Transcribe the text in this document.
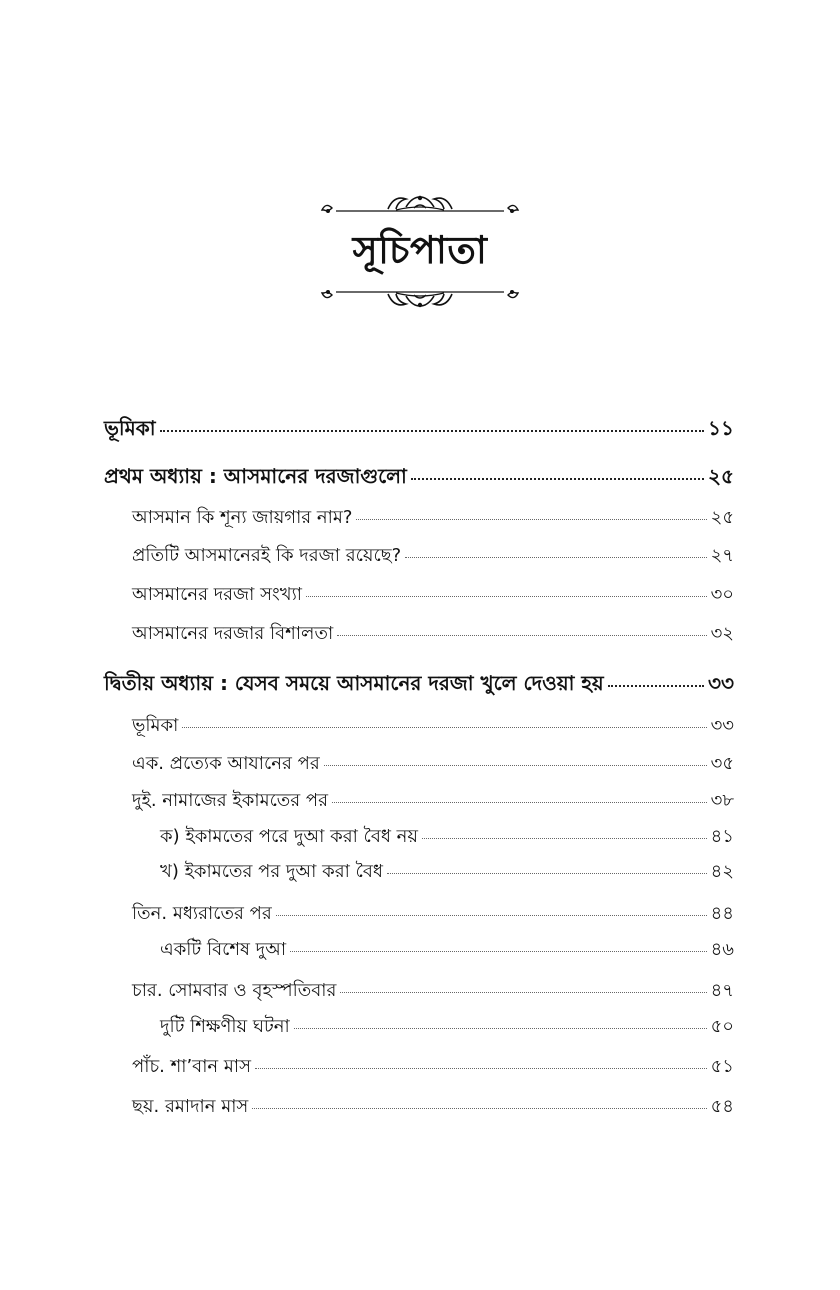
সূচিপাতা
ভূমিকা	১১
প্রথম অধ্যায় : আসমানের দরজাগুলো	২৫
আসমান কি শূন্য জায়গার নাম?	২৫
প্রতিটি আসমানেরই কি দরজা রয়েছে?	২৭
আসমানের দরজা সংখ্যা	৩০
আসমানের দরজার বিশালতা	৩২
দ্বিতীয় অধ্যায় : যেসব সময়ে আসমানের দরজা খুলে দেওয়া হয়	৩৩
ভূমিকা	৩৩
এক. প্রত্যেক আযানের পর	৩৫
দুই. নামাজের ইকামতের পর	৩৮
ক) ইকামতের পরে দুআ করা বৈধ নয়	৪১
খ) ইকামতের পর দুআ করা বৈধ	৪২
তিন. মধ্যরাতের পর	৪৪
একটি বিশেষ দুআ	৪৬
চার. সোমবার ও বৃহস্পতিবার	৪৭
দুটি শিক্ষণীয় ঘটনা	৫০
পাঁচ. শা’বান মাস	৫১
ছয়. রমাদান মাস	৫৪
